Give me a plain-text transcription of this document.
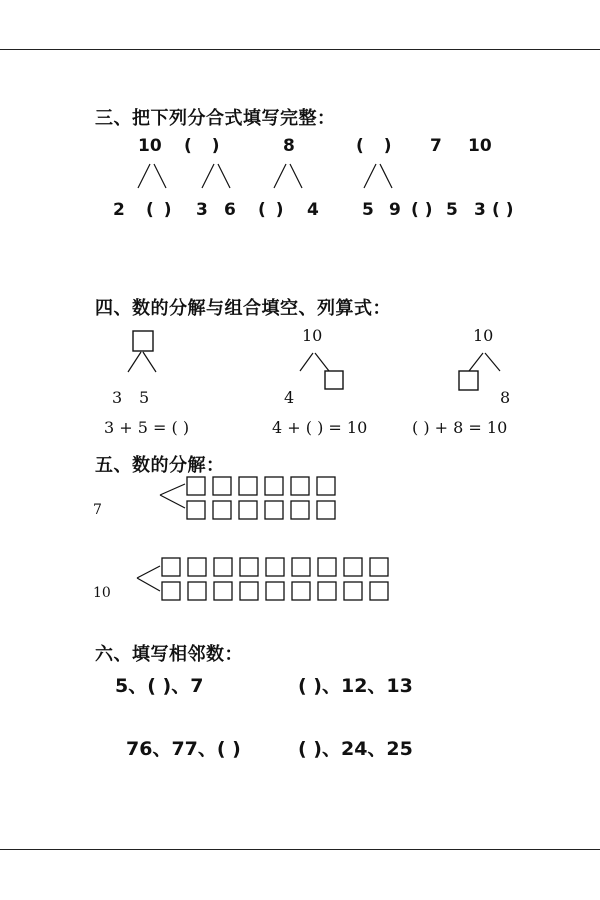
三、把下列分合式填写完整：
10 ( )	8	( ) 7 10
2 ( ) 3 6 ( ) 4	5 9 ( ) 5 3 ( )
四、数的分解与组合填空、列算式：
10	10
3 5	4	8
3 + 5 = ( )	4 + ( ) = 10	( ) + 8 = 10
五、数的分解：
7
10
六、填写相邻数：
5、( )、7	( )、12、13
76、77、( )	( )、24、25
